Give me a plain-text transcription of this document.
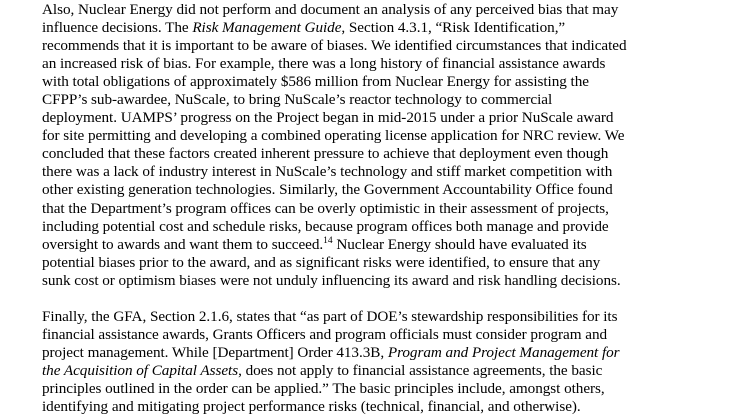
Also, Nuclear Energy did not perform and document an analysis of any perceived bias that may
influence decisions. The Risk Management Guide, Section 4.3.1, “Risk Identification,”
recommends that it is important to be aware of biases. We identified circumstances that indicated
an increased risk of bias. For example, there was a long history of financial assistance awards
with total obligations of approximately $586 million from Nuclear Energy for assisting the
CFPP’s sub-awardee, NuScale, to bring NuScale’s reactor technology to commercial
deployment. UAMPS’ progress on the Project began in mid-2015 under a prior NuScale award
for site permitting and developing a combined operating license application for NRC review. We
concluded that these factors created inherent pressure to achieve that deployment even though
there was a lack of industry interest in NuScale’s technology and stiff market competition with
other existing generation technologies. Similarly, the Government Accountability Office found
that the Department’s program offices can be overly optimistic in their assessment of projects,
including potential cost and schedule risks, because program offices both manage and provide
oversight to awards and want them to succeed.$^{14}$ Nuclear Energy should have evaluated its
potential biases prior to the award, and as significant risks were identified, to ensure that any
sunk cost or optimism biases were not unduly influencing its award and risk handling decisions.

Finally, the GFA, Section 2.1.6, states that “as part of DOE’s stewardship responsibilities for its
financial assistance awards, Grants Officers and program officials must consider program and
project management. While [Department] Order 413.3B, Program and Project Management for
the Acquisition of Capital Assets, does not apply to financial assistance agreements, the basic
principles outlined in the order can be applied.” The basic principles include, amongst others,
identifying and mitigating project performance risks (technical, financial, and otherwise).
